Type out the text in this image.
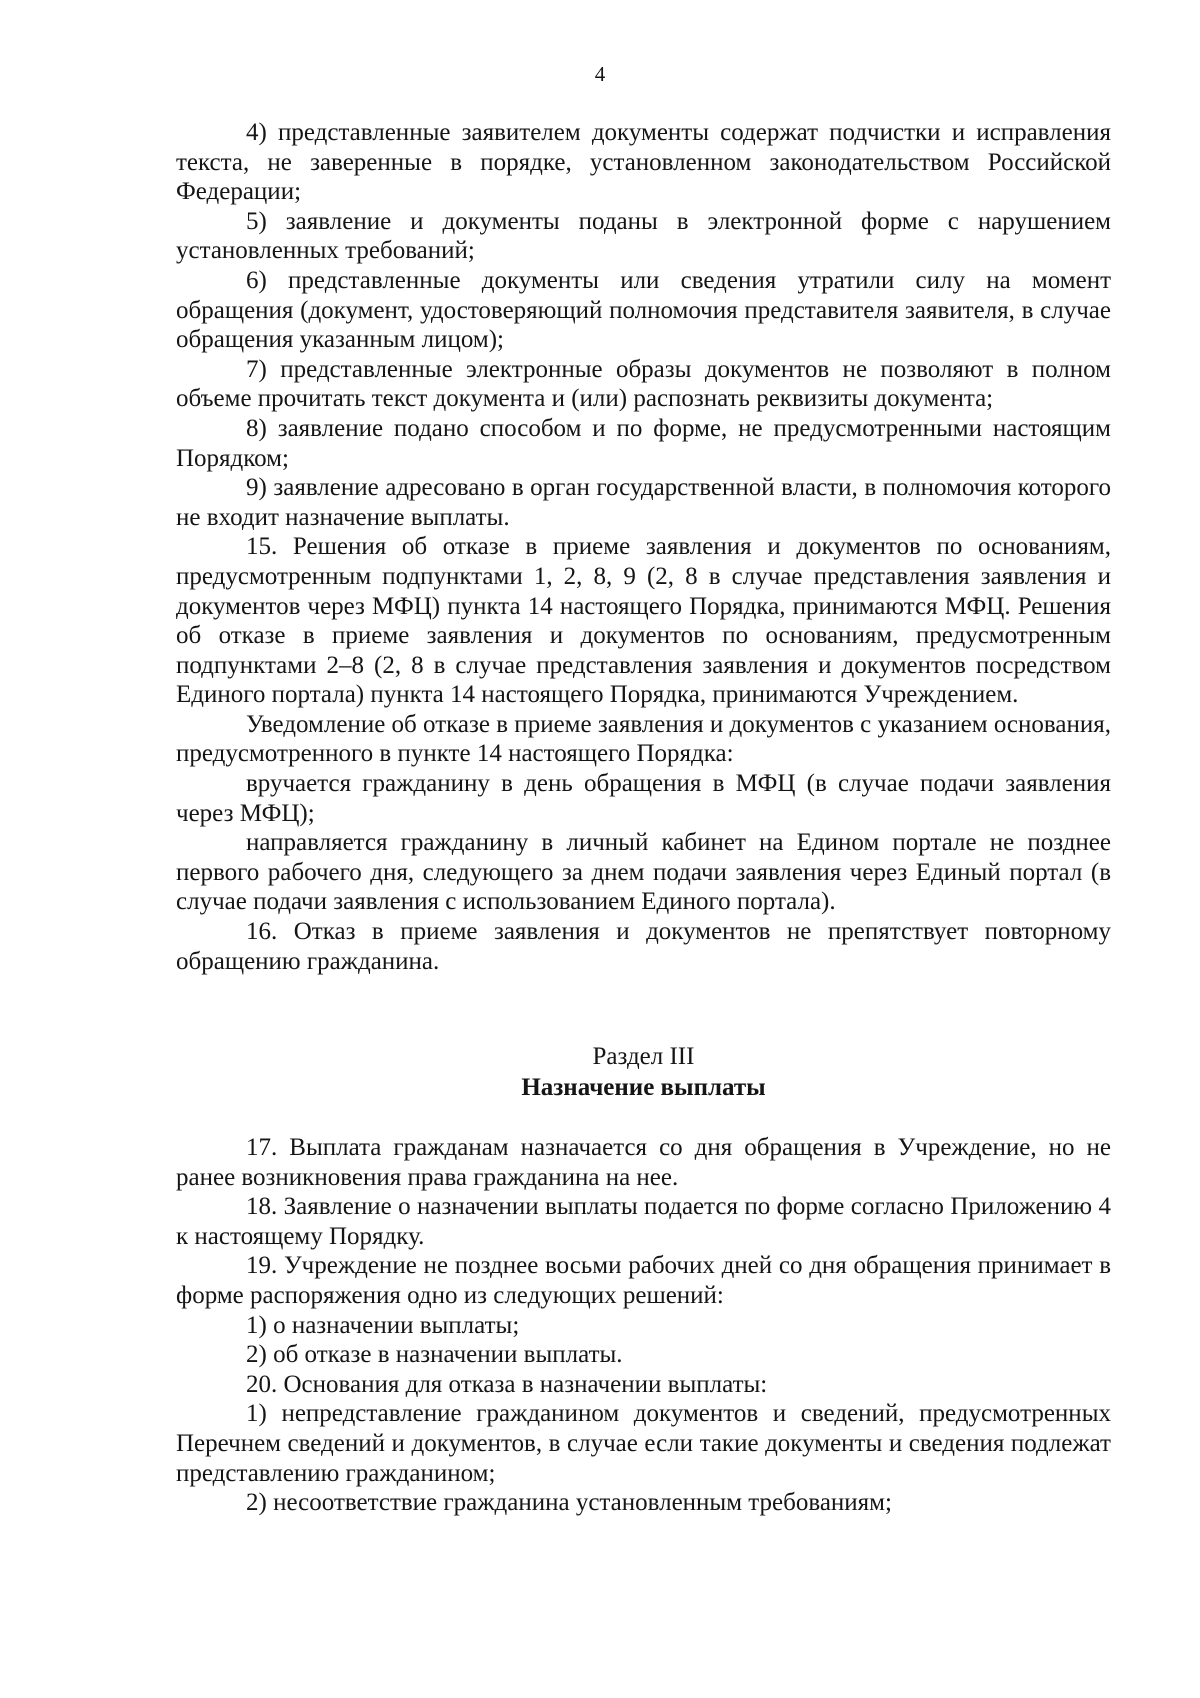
4

4) представленные заявителем документы содержат подчистки и исправления текста, не заверенные в порядке, установленном законодательством Российской Федерации;

5) заявление и документы поданы в электронной форме с нарушением установленных требований;

6) представленные документы или сведения утратили силу на момент обращения (документ, удостоверяющий полномочия представителя заявителя, в случае обращения указанным лицом);

7) представленные электронные образы документов не позволяют в полном объеме прочитать текст документа и (или) распознать реквизиты документа;

8) заявление подано способом и по форме, не предусмотренными настоящим Порядком;

9) заявление адресовано в орган государственной власти, в полномочия которого не входит назначение выплаты.

15. Решения об отказе в приеме заявления и документов по основаниям, предусмотренным подпунктами 1, 2, 8, 9 (2, 8 в случае представления заявления и документов через МФЦ) пункта 14 настоящего Порядка, принимаются МФЦ. Решения об отказе в приеме заявления и документов по основаниям, предусмотренным подпунктами 2–8 (2, 8 в случае представления заявления и документов посредством Единого портала) пункта 14 настоящего Порядка, принимаются Учреждением.

Уведомление об отказе в приеме заявления и документов с указанием основания, предусмотренного в пункте 14 настоящего Порядка:

вручается гражданину в день обращения в МФЦ (в случае подачи заявления через МФЦ);

направляется гражданину в личный кабинет на Едином портале не позднее первого рабочего дня, следующего за днем подачи заявления через Единый портал (в случае подачи заявления с использованием Единого портала).

16. Отказ в приеме заявления и документов не препятствует повторному обращению гражданина.

Раздел III
Назначение выплаты

17. Выплата гражданам назначается со дня обращения в Учреждение, но не ранее возникновения права гражданина на нее.

18. Заявление о назначении выплаты подается по форме согласно Приложению 4 к настоящему Порядку.

19. Учреждение не позднее восьми рабочих дней со дня обращения принимает в форме распоряжения одно из следующих решений:

1) о назначении выплаты;

2) об отказе в назначении выплаты.

20. Основания для отказа в назначении выплаты:

1) непредставление гражданином документов и сведений, предусмотренных Перечнем сведений и документов, в случае если такие документы и сведения подлежат представлению гражданином;

2) несоответствие гражданина установленным требованиям;
